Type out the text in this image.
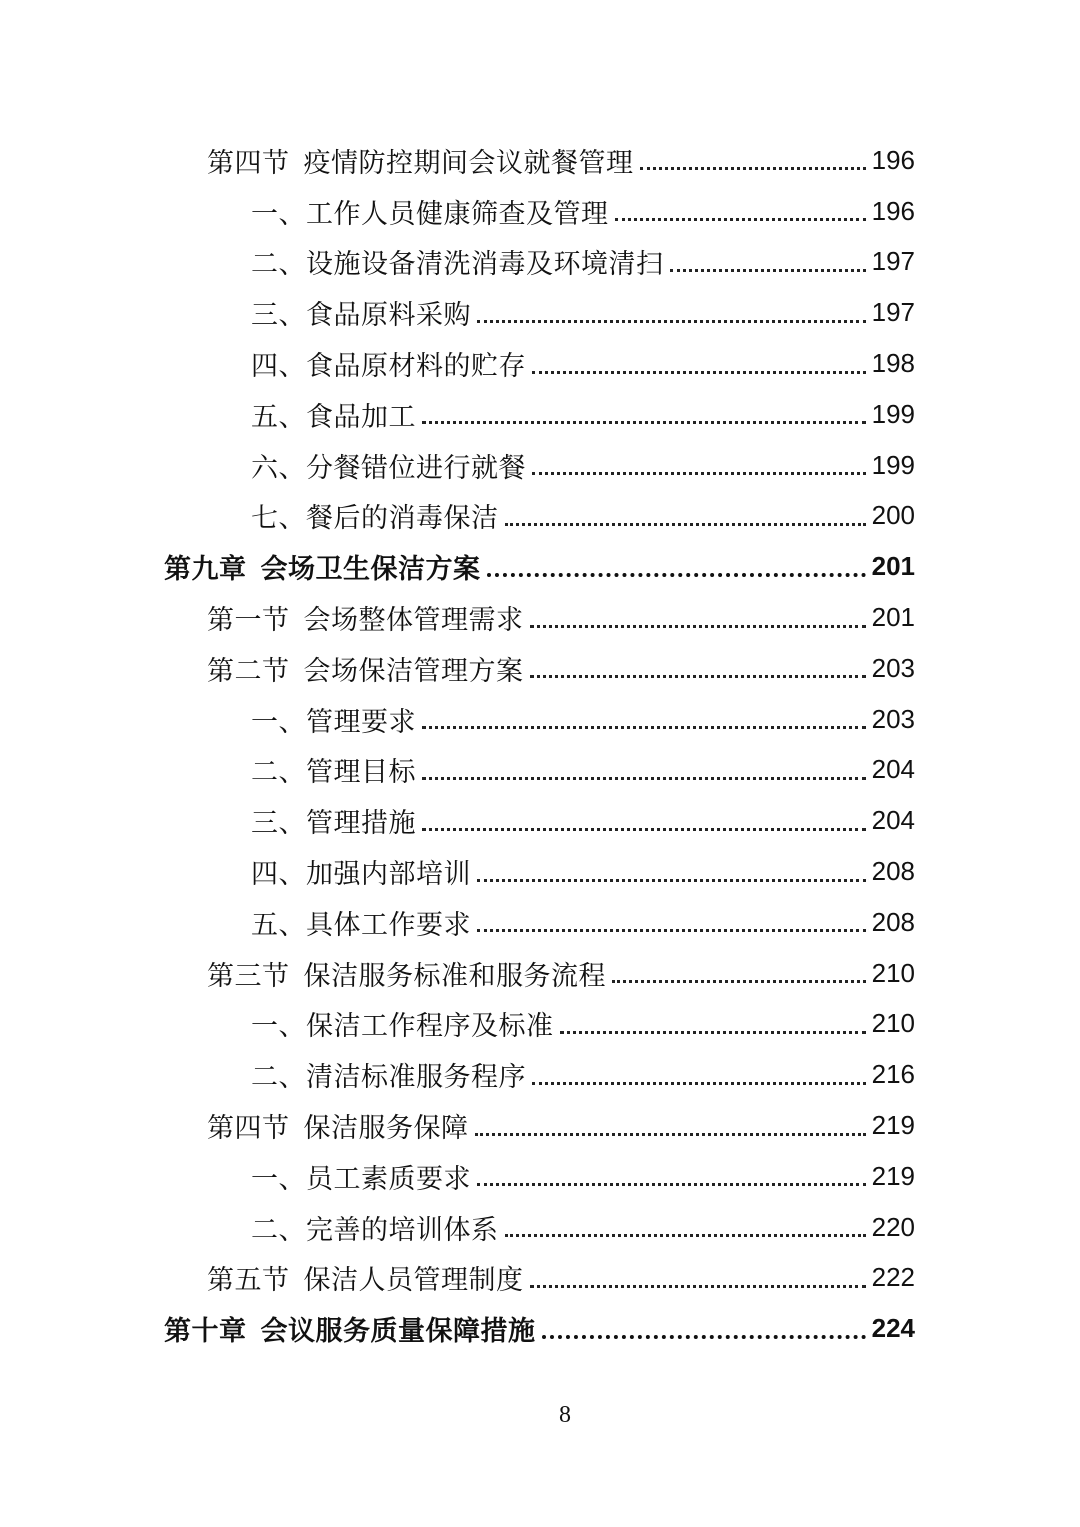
第四节 疫情防控期间会议就餐管理	196
一、工作人员健康筛查及管理	196
二、设施设备清洗消毒及环境清扫	197
三、食品原料采购	197
四、食品原材料的贮存	198
五、食品加工	199
六、分餐错位进行就餐	199
七、餐后的消毒保洁	200
第九章 会场卫生保洁方案	201
第一节 会场整体管理需求	201
第二节 会场保洁管理方案	203
一、管理要求	203
二、管理目标	204
三、管理措施	204
四、加强内部培训	208
五、具体工作要求	208
第三节 保洁服务标准和服务流程	210
一、保洁工作程序及标准	210
二、清洁标准服务程序	216
第四节 保洁服务保障	219
一、员工素质要求	219
二、完善的培训体系	220
第五节 保洁人员管理制度	222
第十章 会议服务质量保障措施	224
8
